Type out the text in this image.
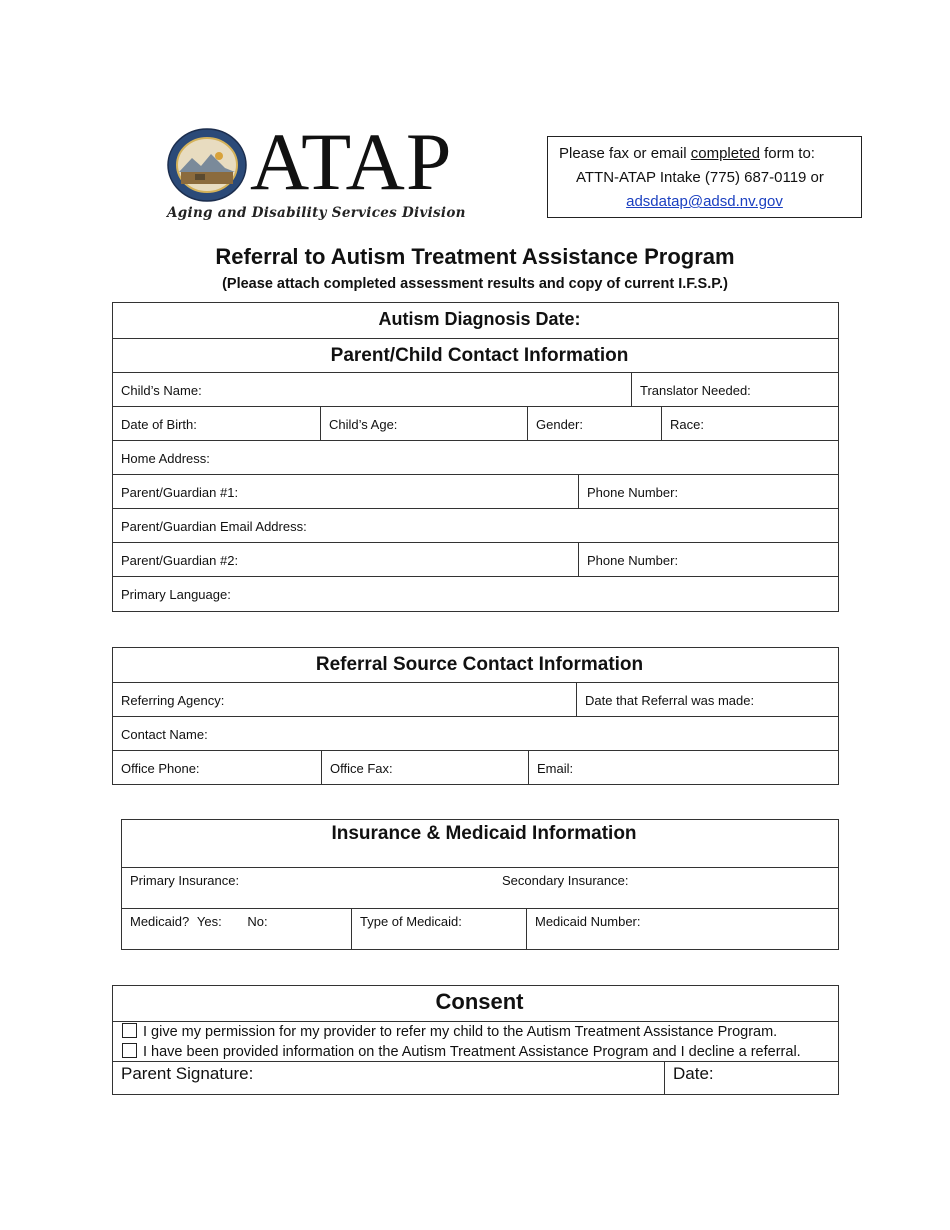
ATAP
Aging and Disability Services Division
Please fax or email completed form to:
ATTN-ATAP Intake (775) 687-0119 or
adsdatap@adsd.nv.gov
Referral to Autism Treatment Assistance Program
(Please attach completed assessment results and copy of current I.F.S.P.)
Autism Diagnosis Date:
Parent/Child Contact Information
Child’s Name:	Translator Needed:
Date of Birth:	Child’s Age:	Gender:	Race:
Home Address:
Parent/Guardian #1:	Phone Number:
Parent/Guardian Email Address:
Parent/Guardian #2:	Phone Number:
Primary Language:
Referral Source Contact Information
Referring Agency:	Date that Referral was made:
Contact Name:
Office Phone:	Office Fax:	Email:
Insurance & Medicaid Information
Primary Insurance:	Secondary Insurance:
Medicaid? Yes: No:	Type of Medicaid:	Medicaid Number:
Consent
I give my permission for my provider to refer my child to the Autism Treatment Assistance Program.
I have been provided information on the Autism Treatment Assistance Program and I decline a referral.
Parent Signature:	Date:
